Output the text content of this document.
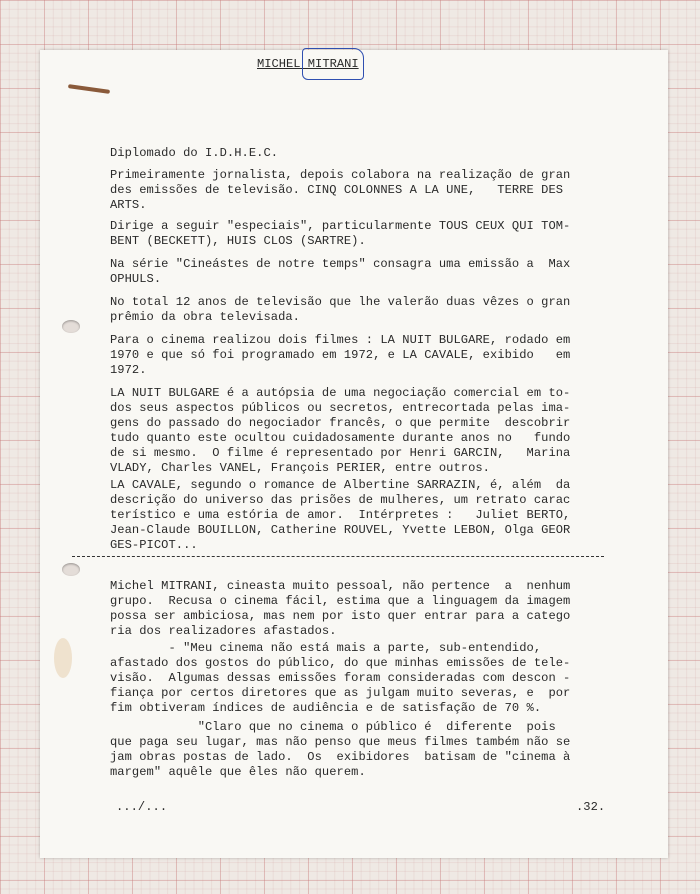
MICHEL MITRANI
Diplomado do I.D.H.E.C.
Primeiramente jornalista, depois colabora na realização de gran
des emissões de televisão. CINQ COLONNES A LA UNE,   TERRE DES
ARTS.
Dirige a seguir "especiais", particularmente TOUS CEUX QUI TOM-
BENT (BECKETT), HUIS CLOS (SARTRE).
Na série "Cineástes de notre temps" consagra uma emissão a  Max
OPHULS.
No total 12 anos de televisão que lhe valerão duas vêzes o gran
prêmio da obra televisada.
Para o cinema realizou dois filmes : LA NUIT BULGARE, rodado em
1970 e que só foi programado em 1972, e LA CAVALE, exibido   em
1972.
LA NUIT BULGARE é a autópsia de uma negociação comercial em to-
dos seus aspectos públicos ou secretos, entrecortada pelas ima-
gens do passado do negociador francês, o que permite  descobrir
tudo quanto este ocultou cuidadosamente durante anos no   fundo
de si mesmo.  O filme é representado por Henri GARCIN,   Marina
VLADY, Charles VANEL, François PERIER, entre outros.
LA CAVALE, segundo o romance de Albertine SARRAZIN, é, além  da
descrição do universo das prisões de mulheres, um retrato carac
terístico e uma estória de amor.  Intérpretes :   Juliet BERTO,
Jean-Claude BOUILLON, Catherine ROUVEL, Yvette LEBON, Olga GEOR
GES-PICOT...
Michel MITRANI, cineasta muito pessoal, não pertence  a  nenhum
grupo.  Recusa o cinema fácil, estima que a linguagem da imagem
possa ser ambiciosa, mas nem por isto quer entrar para a catego
ria dos realizadores afastados.
- "Meu cinema não está mais a parte, sub-entendido,
afastado dos gostos do público, do que minhas emissões de tele-
visão.  Algumas dessas emissões foram consideradas com descon -
fiança por certos diretores que as julgam muito severas, e  por
fim obtiveram índices de audiência e de satisfação de 70 %.
"Claro que no cinema o público é  diferente  pois
que paga seu lugar, mas não penso que meus filmes também não se
jam obras postas de lado.  Os  exibidores  batisam de "cinema à
margem" aquêle que êles não querem.
.../...	.32.
